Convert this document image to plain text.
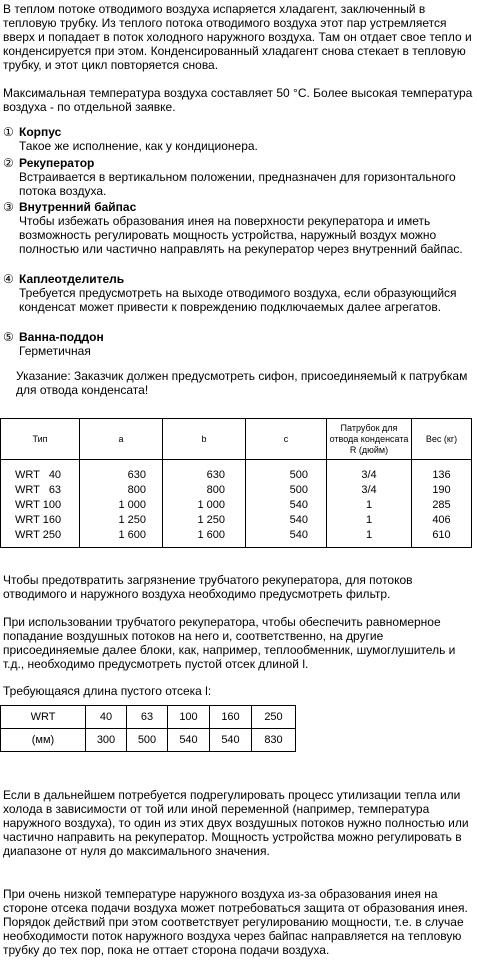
В теплом потоке отводимого воздуха испаряется хладагент, заключенный в тепловую трубку. Из теплого потока отводимого воздуха этот пар устремляется вверх и попадает в поток холодного наружного воздуха. Там он отдает свое тепло и конденсируется при этом. Конденсированный хладагент снова стекает в тепловую трубку, и этот цикл повторяется снова.

Максимальная температура воздуха составляет 50 °C. Более высокая температура воздуха - по отдельной заявке.

① Корпус
Такое же исполнение, как у кондиционера.
② Рекуператор
Встраивается в вертикальном положении, предназначен для горизонтального потока воздуха.
③ Внутренний байпас
Чтобы избежать образования инея на поверхности рекуператора и иметь возможность регулировать мощность устройства, наружный воздух можно полностью или частично направлять на рекуператор через внутренний байпас.
④ Каплеотделитель
Требуется предусмотреть на выходе отводимого воздуха, если образующийся конденсат может привести к повреждению подключаемых далее агрегатов.
⑤ Ванна-поддон
Герметичная
Указание: Заказчик должен предусмотреть сифон, присоединяемый к патрубкам для отвода конденсата!
Тип	a	b	c	Патрубок для отвода конденсата R (дюйм)	Вес (кг)
WRT   40	630	630	500	3/4	136
WRT   63	800	800	500	3/4	190
WRT 100	1 000	1 000	540	1	285
WRT 160	1 250	1 250	540	1	406
WRT 250	1 600	1 600	540	1	610

Чтобы предотвратить загрязнение трубчатого рекуператора, для потоков отводимого и наружного воздуха необходимо предусмотреть фильтр.

При использовании трубчатого рекуператора, чтобы обеспечить равномерное попадание воздушных потоков на него и, соответственно, на другие присоединяемые далее блоки, как, например, теплообменник, шумоглушитель и т.д., необходимо предусмотреть пустой отсек длиной l.

Требующаяся длина пустого отсека l:

WRT	40	63	100	160	250
(мм)	300	500	540	540	830

Если в дальнейшем потребуется подрегулировать процесс утилизации тепла или холода в зависимости от той или иной переменной (например, температура наружного воздуха), то один из этих двух воздушных потоков нужно полностью или частично направить на рекуператор. Мощность устройства можно регулировать в диапазоне от нуля до максимального значения.

При очень низкой температуре наружного воздуха из-за образования инея на стороне отсека подачи воздуха может потребоваться защита от образования инея. Порядок действий при этом соответствует регулированию мощности, т.е. в случае необходимости поток наружного воздуха через байпас направляется на тепловую трубку до тех пор, пока не оттает сторона подачи воздуха.
